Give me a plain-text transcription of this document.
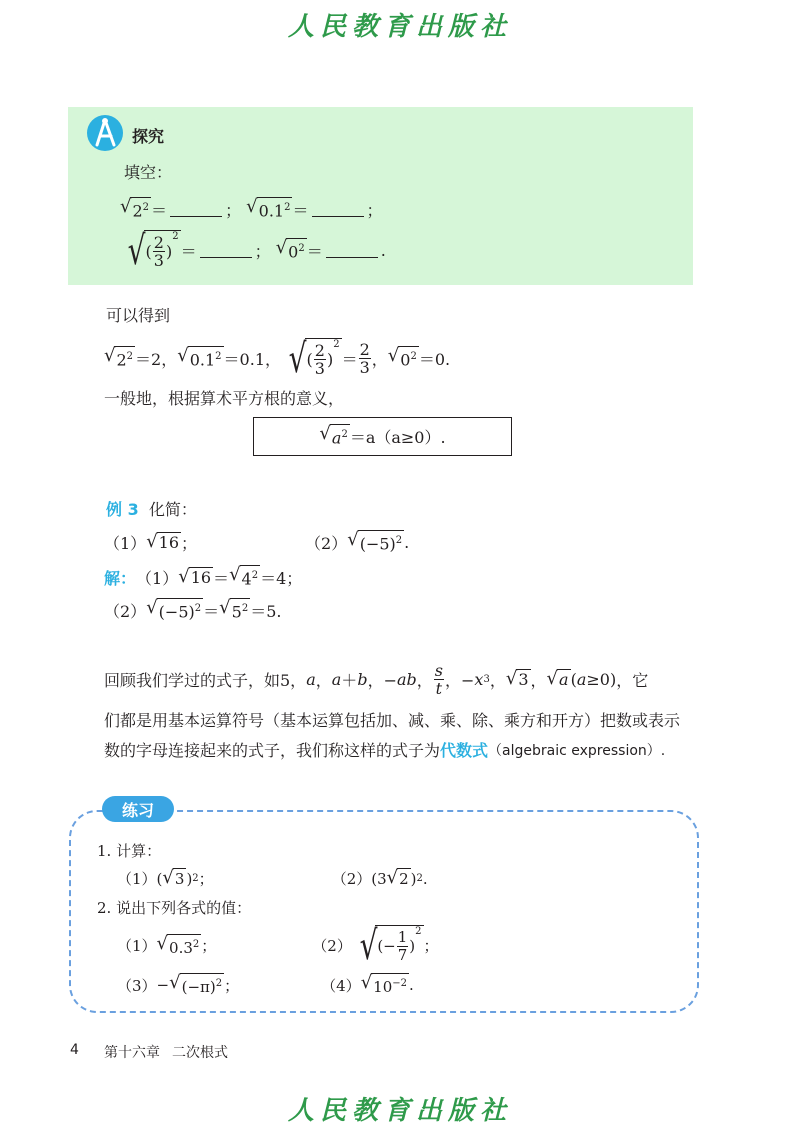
人民教育出版社
探究
填空：
√ $2^2$ ＝	；
√ $0.1^2$ ＝	；
√ ( $\frac{2}{3}$ )
$^2$
＝	；
√ $0^2$ ＝	.
可以得到
√ $2^2 =2$， √ $0.1^2 =0.1$， √ ( $\frac{2}{3}$ )
$^2$
＝ $\frac{2}{3}$ ， √ $0^2 =0$.
一般地，根据算术平方根的意义，
√ $a^2 =a(a\ge 0)$.
例 3
化简：
（1） √ 16 ；	（2） √ $(-5)^2$ .
解： （1） √ 16 ＝ √ $4^2 =4$；
（2） √ $(-5)^2$ ＝ √ $5^2 =5$.
回顾我们学过的式子，如5， a ， a ＋ b ，− ab ， $\frac{s}{t}$ ，− x 3 ， √ 3 ， √ a ( a ≥0) ，它
们都是用基本运算符号（基本运算包括加、减、乘、除、乘方和开方）把数或表示
数的字母连接起来的式子，我们称这样的式子为 代数式 （algebraic expression）.
练习
1. 计算：
（1） ( √ 3 ) 2 ；	（2） (3 √ 2 ) 2 .
2. 说出下列各式的值：
（1） √ $0.3^2$ ；	（2） √ (− $\frac{1}{7}$ )
$^2$
；
（3） − √ $(-\pi)^2$ ；	（4） √ $10^{-2}$ .
4 第十六章 二次根式
人民教育出版社
